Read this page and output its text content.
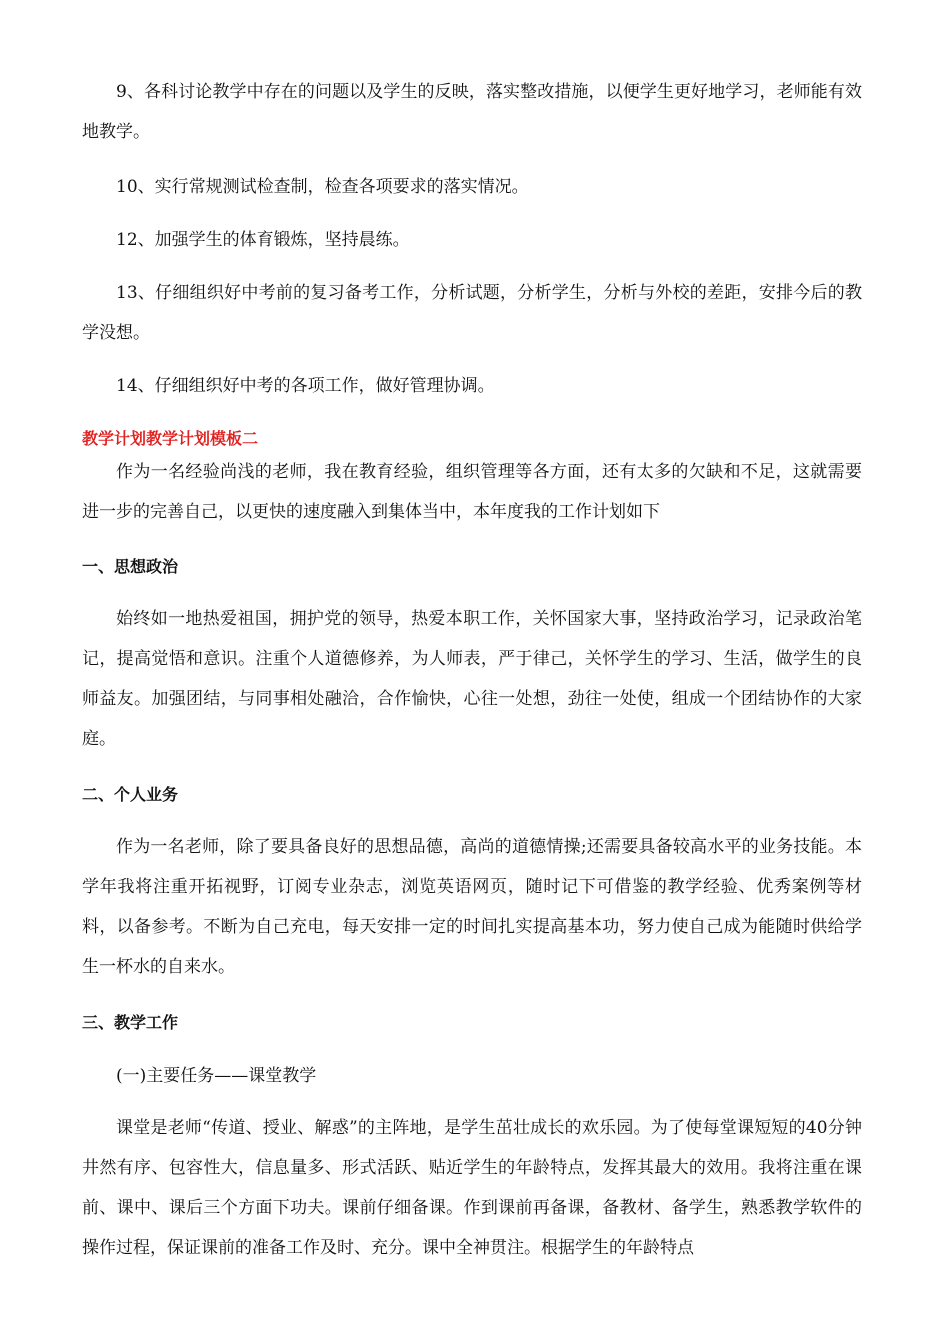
9、各科讨论教学中存在的问题以及学生的反映，落实整改措施，以便学生更好地学习，老师能有效地教学。
10、实行常规测试检查制，检查各项要求的落实情况。
12、加强学生的体育锻炼，坚持晨练。
13、仔细组织好中考前的复习备考工作，分析试题，分析学生，分析与外校的差距，安排今后的教学没想。
14、仔细组织好中考的各项工作，做好管理协调。
教学计划教学计划模板二
作为一名经验尚浅的老师，我在教育经验，组织管理等各方面，还有太多的欠缺和不足，这就需要进一步的完善自己，以更快的速度融入到集体当中，本年度我的工作计划如下
一、思想政治
始终如一地热爱祖国，拥护党的领导，热爱本职工作，关怀国家大事，坚持政治学习，记录政治笔记，提高觉悟和意识。注重个人道德修养，为人师表，严于律己，关怀学生的学习、生活，做学生的良师益友。加强团结，与同事相处融洽，合作愉快，心往一处想，劲往一处使，组成一个团结协作的大家庭。
二、个人业务
作为一名老师，除了要具备良好的思想品德，高尚的道德情操;还需要具备较高水平的业务技能。本学年我将注重开拓视野，订阅专业杂志，浏览英语网页，随时记下可借鉴的教学经验、优秀案例等材料，以备参考。不断为自己充电，每天安排一定的时间扎实提高基本功，努力使自己成为能随时供给学生一杯水的自来水。
三、教学工作
(一)主要任务——课堂教学
课堂是老师“传道、授业、解惑”的主阵地，是学生茁壮成长的欢乐园。为了使每堂课短短的40分钟井然有序、包容性大，信息量多、形式活跃、贴近学生的年龄特点，发挥其最大的效用。我将注重在课前、课中、课后三个方面下功夫。课前仔细备课。作到课前再备课，备教材、备学生，熟悉教学软件的操作过程，保证课前的准备工作及时、充分。课中全神贯注。根据学生的年龄特点
